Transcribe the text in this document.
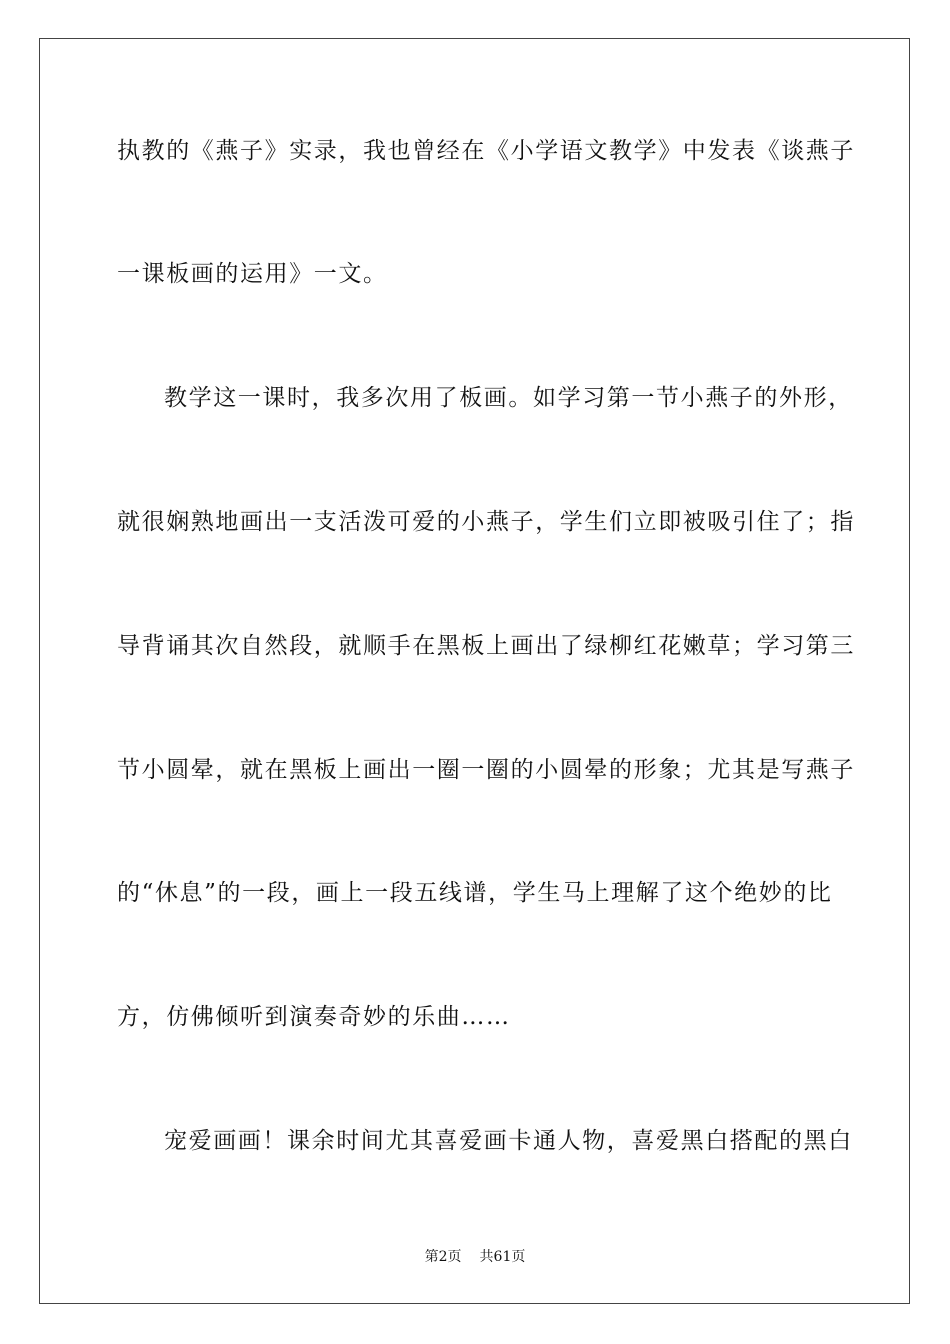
执教的《燕子》实录，我也曾经在《小学语文教学》中发表《谈燕子
一课板画的运用》一文。
教学这一课时，我多次用了板画。如学习第一节小燕子的外形，
就很娴熟地画出一支活泼可爱的小燕子，学生们立即被吸引住了；指
导背诵其次自然段，就顺手在黑板上画出了绿柳红花嫩草；学习第三
节小圆晕，就在黑板上画出一圈一圈的小圆晕的形象；尤其是写燕子
的“休息”的一段，画上一段五线谱，学生马上理解了这个绝妙的比
方，仿佛倾听到演奏奇妙的乐曲……
宠爱画画！课余时间尤其喜爱画卡通人物，喜爱黑白搭配的黑白
第2页 共61页
